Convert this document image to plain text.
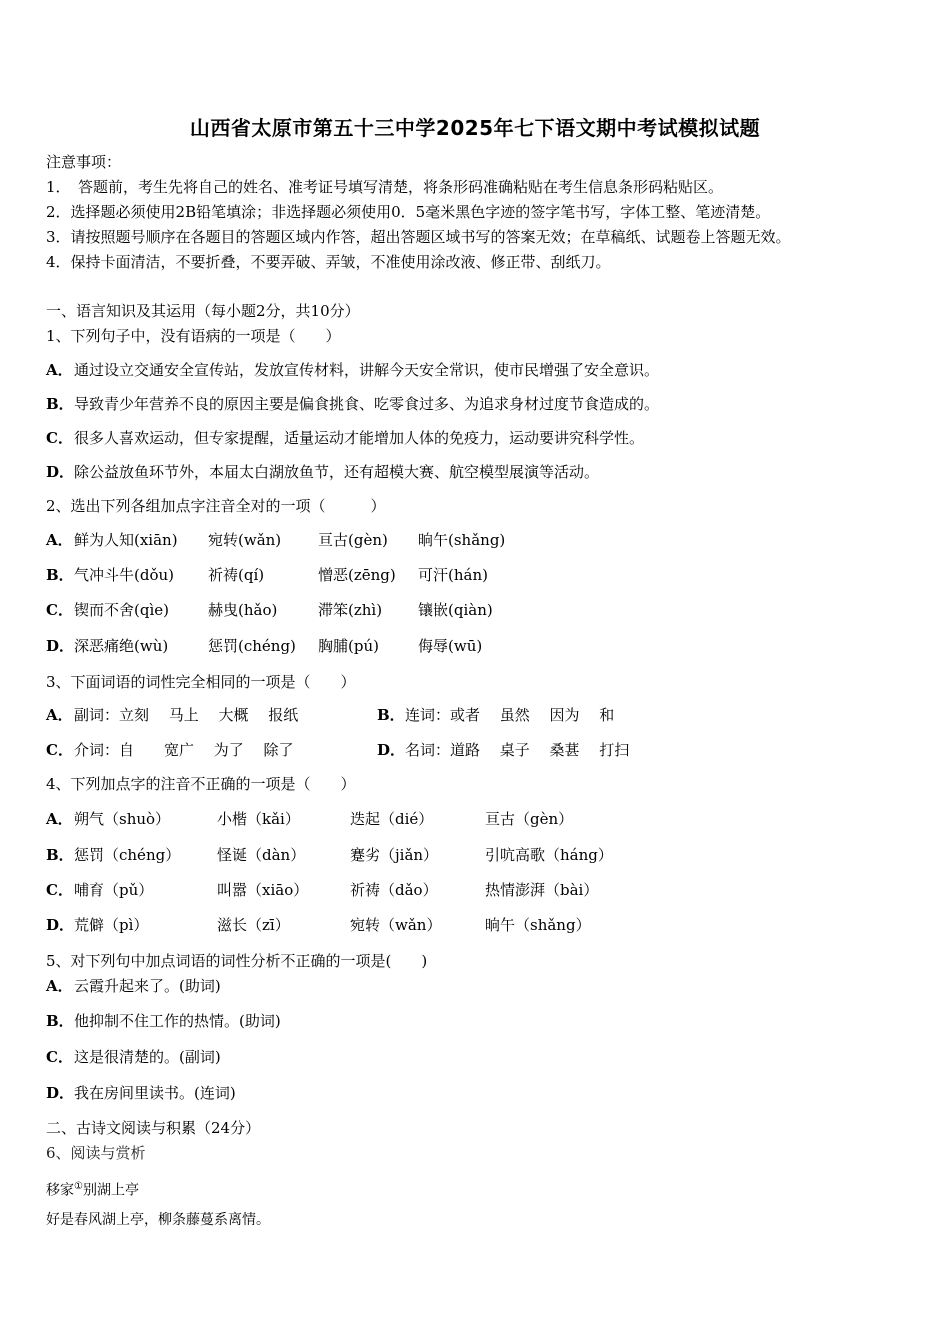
山西省太原市第五十三中学2025年七下语文期中考试模拟试题
注意事项：
1．　答题前，考生先将自己的姓名、准考证号填写清楚，将条形码准确粘贴在考生信息条形码粘贴区。
2．选择题必须使用2B铅笔填涂；非选择题必须使用0．5毫米黑色字迹的签字笔书写，字体工整、笔迹清楚。
3．请按照题号顺序在各题目的答题区域内作答，超出答题区域书写的答案无效；在草稿纸、试题卷上答题无效。
4．保持卡面清洁，不要折叠，不要弄破、弄皱，不准使用涂改液、修正带、刮纸刀。
一、语言知识及其运用（每小题2分，共10分）
1、下列句子中，没有语病的一项是（　　）
A．通过设立交通安全宣传站，发放宣传材料，讲解今天安全常识，使市民增强了安全意识。
B．导致青少年营养不良的原因主要是偏食挑食、吃零食过多、为追求身材过度节食造成的。
C．很多人喜欢运动，但专家提醒，适量运动才能增加人体的免疫力，运动要讲究科学性。
D．除公益放鱼环节外，本届太白湖放鱼节，还有超模大赛、航空模型展演等活动。
2、选出下列各组加点字注音全对的一项（　　　）
A． 鲜为人知(xiān) 宛转(wǎn) 亘古(gèn) 晌午(shǎng)
B． 气冲斗牛(dǒu) 祈祷(qí)	憎恶(zēng) 可汗(hán)
C． 锲而不舍(qìe)	赫曳(hǎo)	滞笨(zhì) 镶嵌(qiàn)
D． 深恶痛绝(wù)	惩罚(chéng) 胸脯(pú)	侮辱(wū)
3、下面词语的词性完全相同的一项是（　　）
A． 副词：立刻　 马上　 大概　 报纸	B． 连词：或者　 虽然　 因为　 和
C． 介词：自　　宽广　 为了　 除了	D． 名词：道路　 桌子　 桑葚　 打扫
4、下列加点字的注音不正确的一项是（　　）
A． 朔气（shuò）	小楷（kǎi）	迭起（dié）	亘古（gèn）
B． 惩罚（chéng） 怪诞（dàn）	蹇劣（jiǎn）	引吭高歌（háng）
C． 哺育（pǔ）	叫嚣（xiāo）	祈祷（dǎo）	热情澎湃（bài）
D． 荒僻（pì）	滋长（zī）	宛转（wǎn）	晌午（shǎng）
5、对下列句中加点词语的词性分析不正确的一项是(　　)
A．云霞升起来了。(助词)
B．他抑制不住工作的热情。(助词)
C．这是很清楚的。(副词)
D．我在房间里读书。(连词)
二、古诗文阅读与积累（24分）
6、阅读与赏析
移家①别湖上亭
好是春风湖上亭，柳条藤蔓系离情。
